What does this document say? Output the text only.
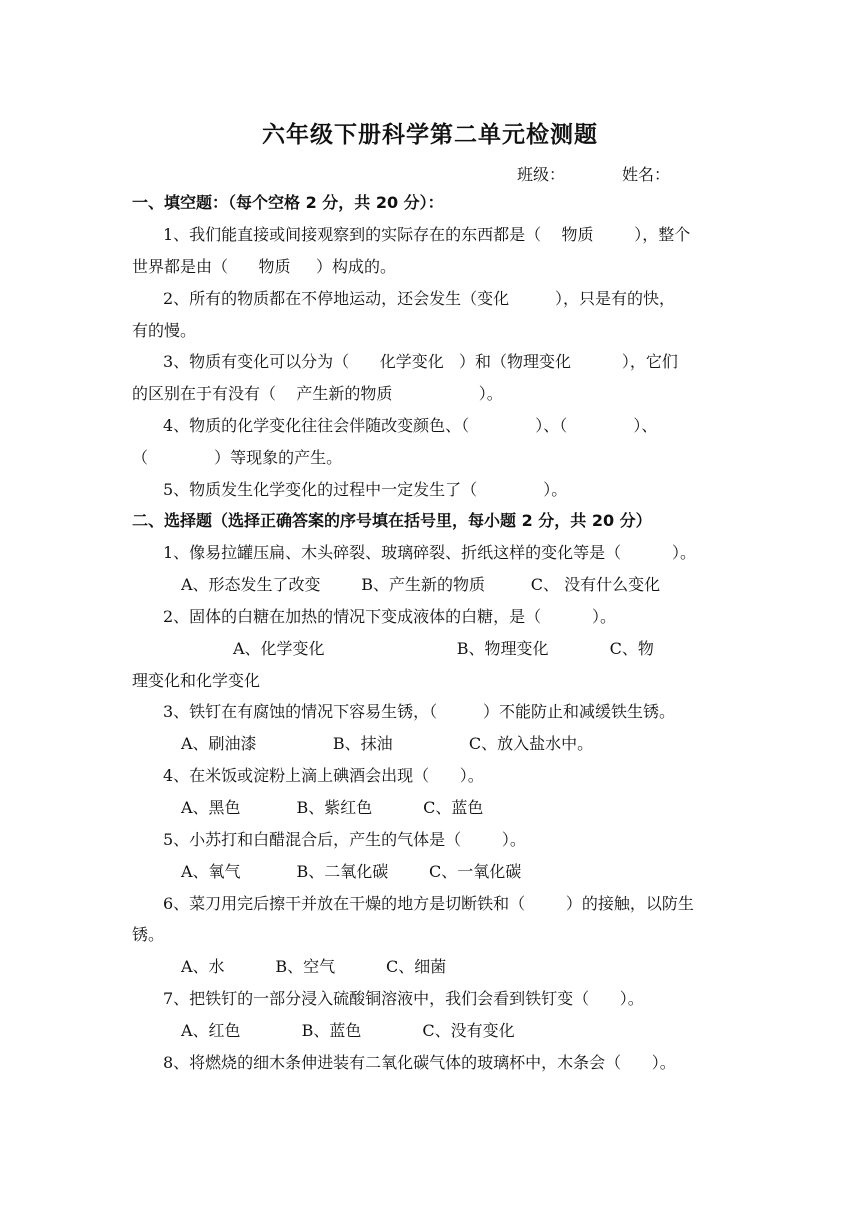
六年级下册科学第二单元检测题
班级：	姓名：
一、填空题：（每个空格 2 分，共 20 分）：
1、我们能直接或间接观察到的实际存在的东西都是（    物质        ），整个
世界都是由（      物质     ）构成的。
2、所有的物质都在不停地运动，还会发生（变化         ），只是有的快，
有的慢。
3、物质有变化可以分为（      化学变化   ）和（物理变化          ），它们
的区别在于有没有（    产生新的物质                 ）。
4、物质的化学变化往往会伴随改变颜色、（             ）、（             ）、
（             ）等现象的产生。
5、物质发生化学变化的过程中一定发生了（             ）。
二、选择题（选择正确答案的序号填在括号里，每小题 2 分，共 20 分）
1、像易拉罐压扁、木头碎裂、玻璃碎裂、折纸这样的变化等是（          ）。
A、形态发生了改变        B、产生新的物质         C、 没有什么变化
2、固体的白糖在加热的情况下变成液体的白糖，是（          ）。
A、化学变化                          B、物理变化            C、物
理变化和化学变化
3、铁钉在有腐蚀的情况下容易生锈，（         ）不能防止和减缓铁生锈。
A、刷油漆               B、抹油               C、放入盐水中。
4、在米饭或淀粉上滴上碘酒会出现（      ）。
A、黑色           B、紫红色          C、蓝色
5、小苏打和白醋混合后，产生的气体是（        ）。
A、氧气           B、二氧化碳        C、一氧化碳
6、菜刀用完后擦干并放在干燥的地方是切断铁和（        ）的接触，以防生
锈。
A、水          B、空气          C、细菌
7、把铁钉的一部分浸入硫酸铜溶液中，我们会看到铁钉变（      ）。
A、红色            B、蓝色            C、没有变化
8、将燃烧的细木条伸进装有二氧化碳气体的玻璃杯中，木条会（      ）。
